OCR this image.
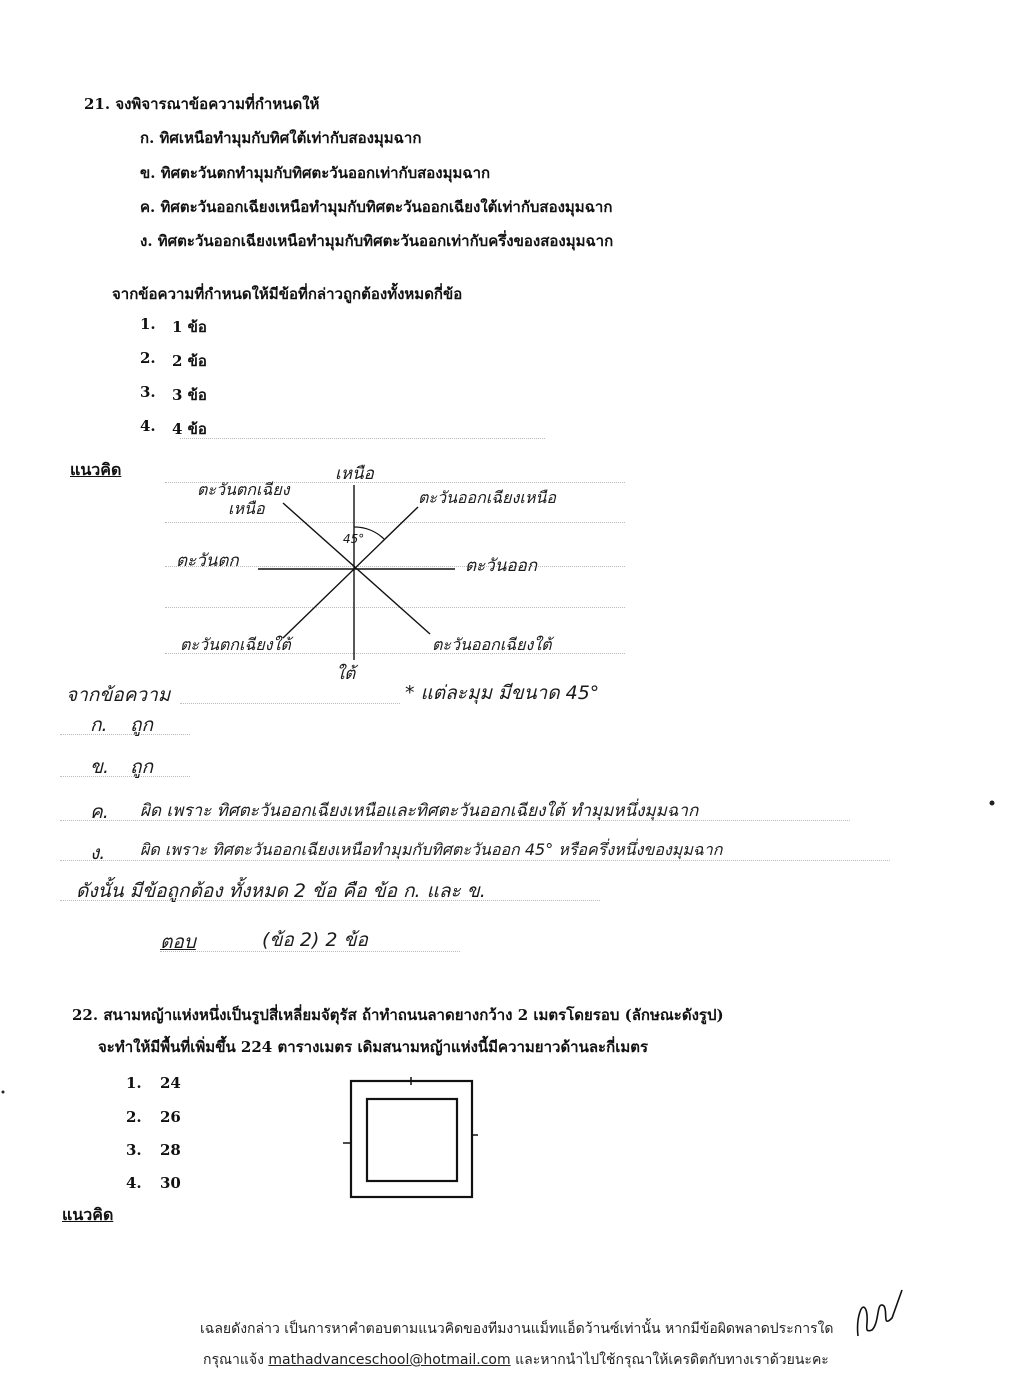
21. จงพิจารณาข้อความที่กำหนดให้
ก. ทิศเหนือทำมุมกับทิศใต้เท่ากับสองมุมฉาก
ข. ทิศตะวันตกทำมุมกับทิศตะวันออกเท่ากับสองมุมฉาก
ค. ทิศตะวันออกเฉียงเหนือทำมุมกับทิศตะวันออกเฉียงใต้เท่ากับสองมุมฉาก
ง. ทิศตะวันออกเฉียงเหนือทำมุมกับทิศตะวันออกเท่ากับครึ่งของสองมุมฉาก
จากข้อความที่กำหนดให้มีข้อที่กล่าวถูกต้องทั้งหมดกี่ข้อ
1. 1 ข้อ
2. 2 ข้อ
3. 3 ข้อ
4. 4 ข้อ
แนวคิด
45°
เหนือ
ใต้
ตะวันออก
ตะวันตก
ตะวันออกเฉียงเหนือ
ตะวันตกเฉียง
เหนือ
ตะวันตกเฉียงใต้	ตะวันออกเฉียงใต้
จากข้อความ	* แต่ละมุม มีขนาด 45°
ก. ถูก
ข. ถูก
ค. ผิด เพราะ ทิศตะวันออกเฉียงเหนือและทิศตะวันออกเฉียงใต้ ทำมุมหนึ่งมุมฉาก
ง. ผิด เพราะ ทิศตะวันออกเฉียงเหนือทำมุมกับทิศตะวันออก 45° หรือครึ่งหนึ่งของมุมฉาก
ดังนั้น มีข้อถูกต้อง ทั้งหมด 2 ข้อ คือ ข้อ ก. และ ข.
ตอบ	(ข้อ 2) 2 ข้อ
22. สนามหญ้าแห่งหนึ่งเป็นรูปสี่เหลี่ยมจัตุรัส ถ้าทำถนนลาดยางกว้าง 2 เมตรโดยรอบ (ลักษณะดังรูป)
จะทำให้มีพื้นที่เพิ่มขึ้น 224 ตารางเมตร เดิมสนามหญ้าแห่งนี้มีความยาวด้านละกี่เมตร
1. 24
2. 26
3. 28
4. 30
แนวคิด
เฉลยดังกล่าว เป็นการหาคำตอบตามแนวคิดของทีมงานแม็ทแอ็ดว้านซ์เท่านั้น หากมีข้อผิดพลาดประการใด
กรุณาแจ้ง mathadvanceschool@hotmail.com และหากนำไปใช้กรุณาให้เครดิตกับทางเราด้วยนะคะ
